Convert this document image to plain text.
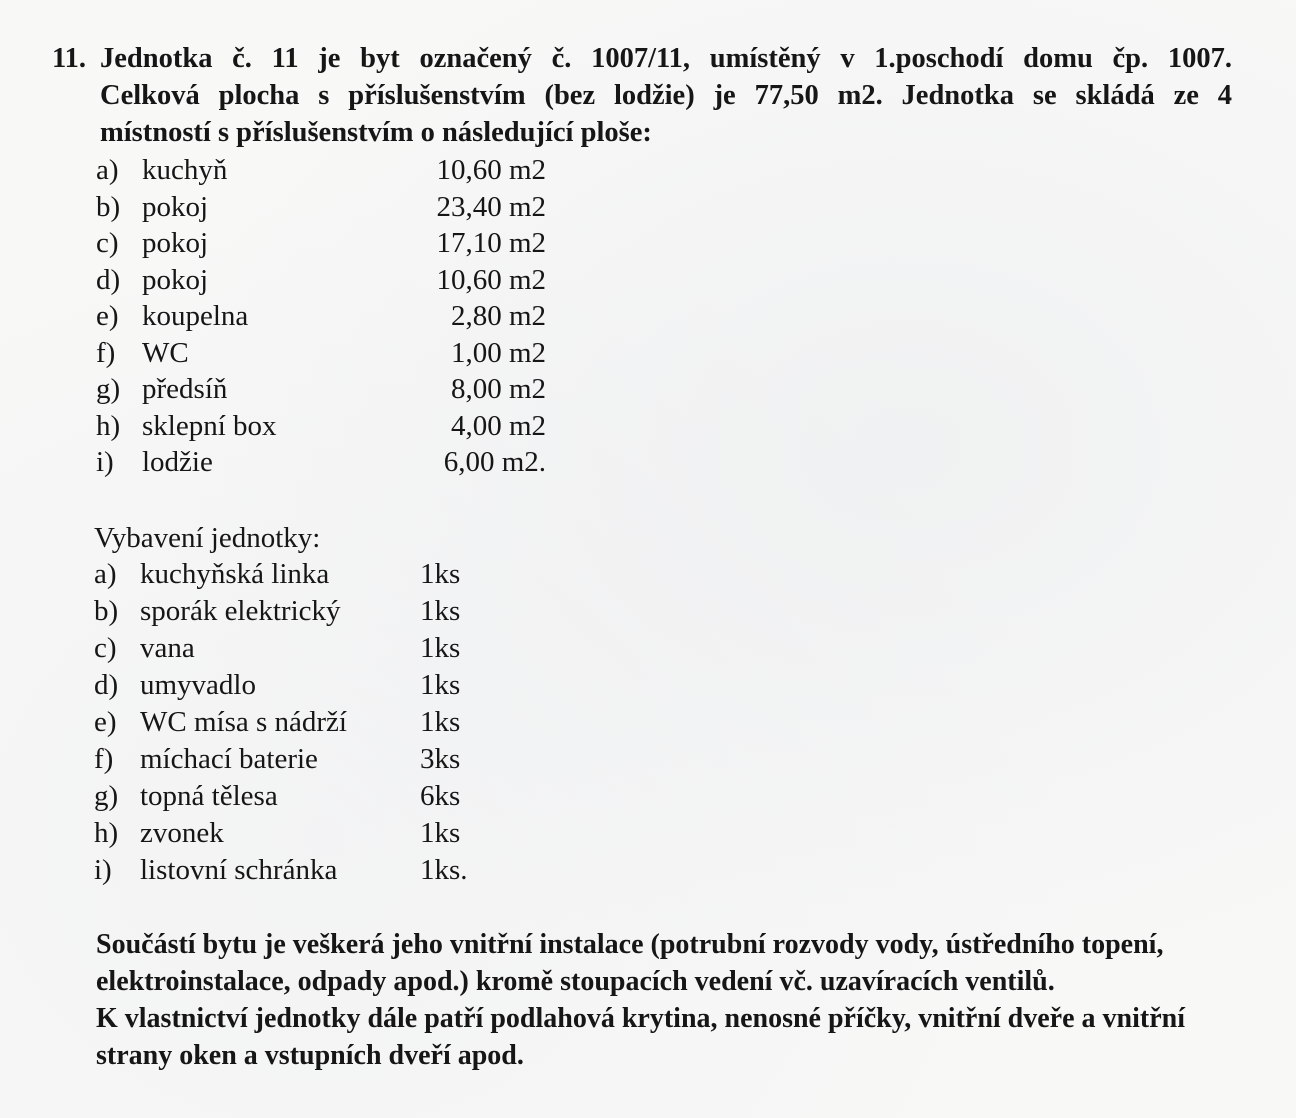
11. Jednotka č. 11 je byt označený č. 1007/11, umístěný v 1.poschodí domu čp. 1007.
Celková plocha s příslušenstvím (bez lodžie) je 77,50 m2. Jednotka se skládá ze 4
místností s příslušenstvím o následující ploše:
a) kuchyň	10,60 m2
b) pokoj	23,40 m2
c) pokoj	17,10 m2
d) pokoj	10,60 m2
e) koupelna	2,80 m2
f) WC	1,00 m2
g) předsíň	8,00 m2
h) sklepní box	4,00 m2
i) lodžie	6,00 m2.
Vybavení jednotky:
a) kuchyňská linka	1ks
b) sporák elektrický	1ks
c) vana	1ks
d) umyvadlo	1ks
e) WC mísa s nádrží	1ks
f) míchací baterie	3ks
g) topná tělesa	6ks
h) zvonek	1ks
i) listovní schránka	1ks.
Součástí bytu je veškerá jeho vnitřní instalace (potrubní rozvody vody, ústředního topení,
elektroinstalace, odpady apod.) kromě stoupacích vedení vč. uzavíracích ventilů.
K vlastnictví jednotky dále patří podlahová krytina, nenosné příčky, vnitřní dveře a vnitřní
strany oken a vstupních dveří apod.
